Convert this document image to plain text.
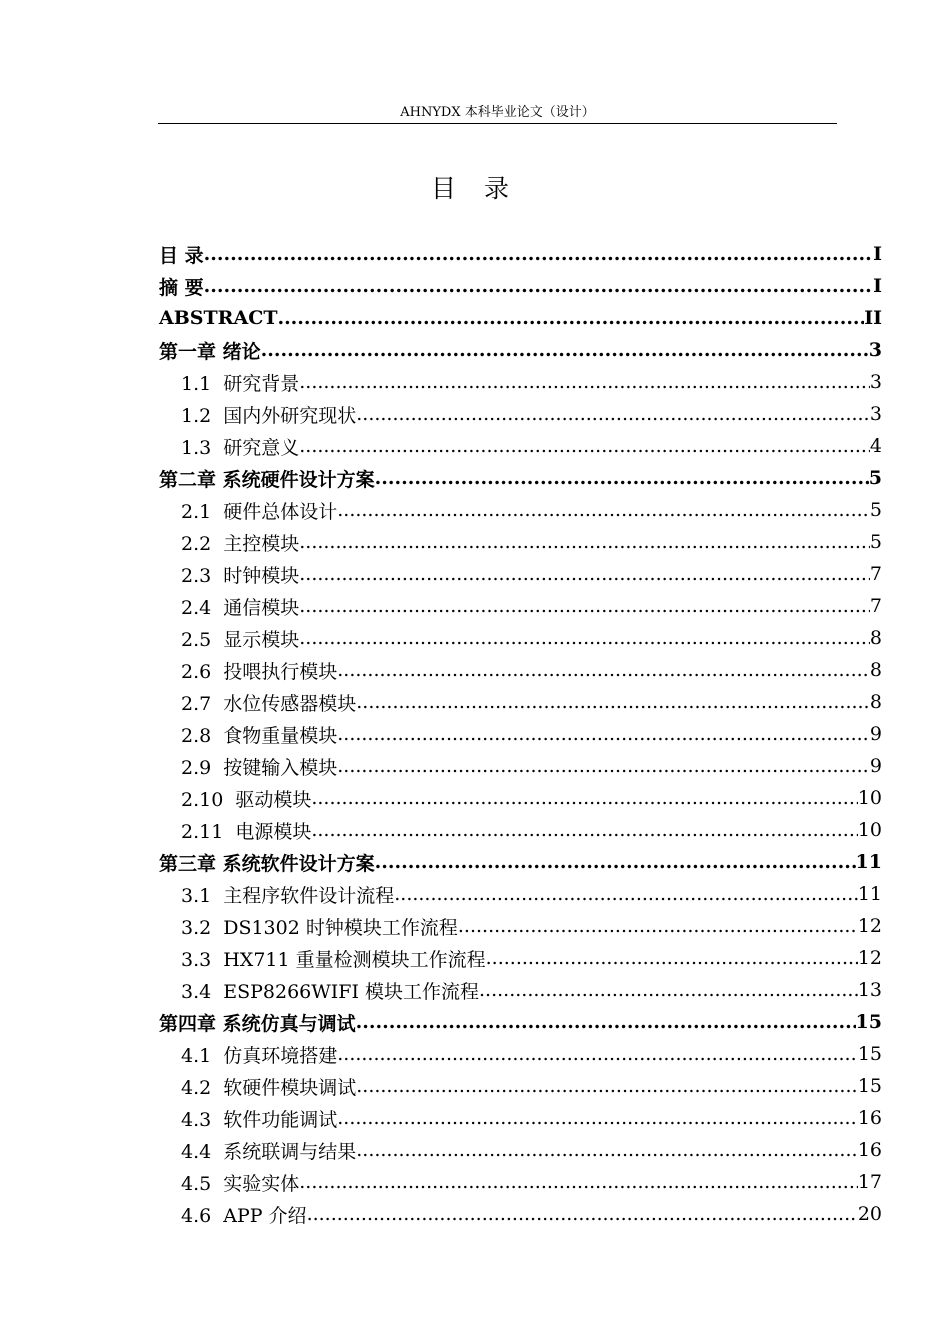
AHNYDX 本科毕业论文（设计）
目 录
目 录 .....	I
摘 要 .....	I
ABSTRACT .....	II
第一章 绪论 .....	3
1.1 研究背景 .....	3
1.2 国内外研究现状 .....	3
1.3 研究意义 .....	4
第二章 系统硬件设计方案 .....	5
2.1 硬件总体设计 .....	5
2.2 主控模块 .....	5
2.3 时钟模块 .....	7
2.4 通信模块 .....	7
2.5 显示模块 .....	8
2.6 投喂执行模块 .....	8
2.7 水位传感器模块 .....	8
2.8 食物重量模块 .....	9
2.9 按键输入模块 .....	9
2.10 驱动模块 .....	10
2.11 电源模块 .....	10
第三章 系统软件设计方案 .....	11
3.1 主程序软件设计流程 .....	11
3.2 DS1302 时钟模块工作流程 .....	12
3.3 HX711 重量检测模块工作流程 .....	12
3.4 ESP8266WIFI 模块工作流程 .....	13
第四章 系统仿真与调试 .....	15
4.1 仿真环境搭建 .....	15
4.2 软硬件模块调试 .....	15
4.3 软件功能调试 .....	16
4.4 系统联调与结果 .....	16
4.5 实验实体 .....	17
4.6 APP 介绍 .....	20
